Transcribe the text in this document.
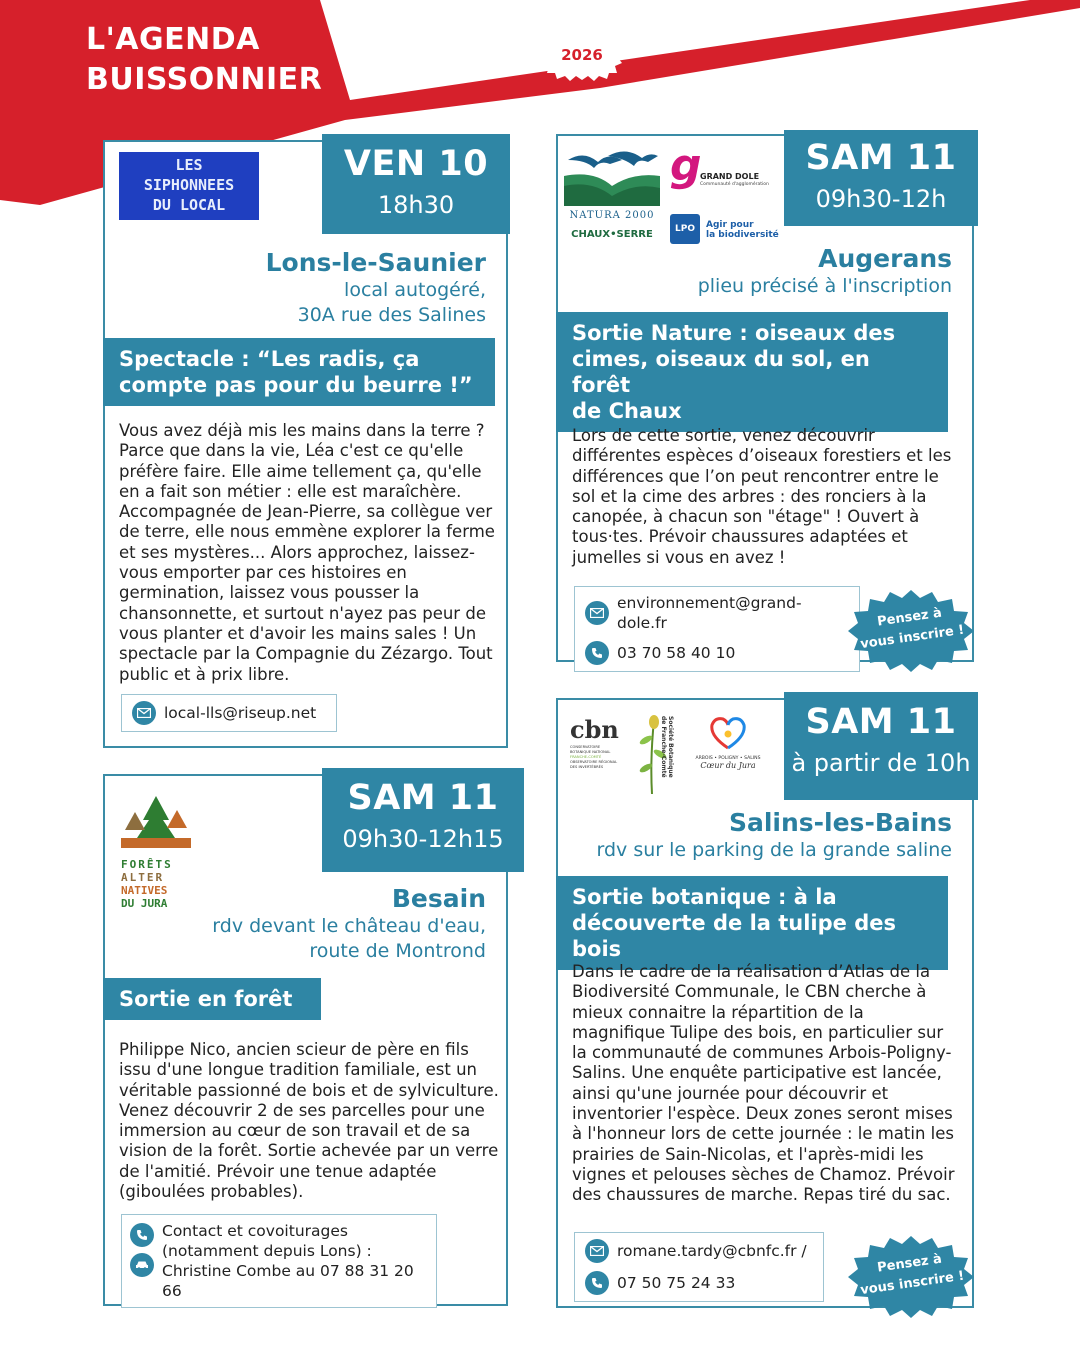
L'AGENDA
BUISSONNIER
AVRIL	2026
LES
SIPHONNEES
DU LOCAL
VEN 10
18h30
Lons-le-Saunier
local autogéré,
30A rue des Salines
Spectacle : “Les radis, ça
compte pas pour du beurre !”
Vous avez déjà mis les mains dans la terre ? Parce que dans la vie, Léa c'est ce qu'elle préfère faire. Elle aime tellement ça, qu'elle en a fait son métier : elle est maraîchère. Accompagnée de Jean-Pierre, sa collègue ver de terre, elle nous emmène explorer la ferme et ses mystères... Alors approchez, laissez-vous emporter par ces histoires en germination, laissez vous pousser la chansonnette, et surtout n'ayez pas peur de vous planter et d'avoir les mains sales ! Un spectacle par la Compagnie du Zézargo. Tout public et à prix libre.
local-lls@riseup.net
NATURA 2000
CHAUX•SERRE
g
GRAND DOLE
Communauté d'agglomération
LPO	Agir pour
la biodiversité
SAM 11
09h30-12h
Augerans
plieu précisé à l'inscription
Sortie Nature : oiseaux des
cimes, oiseaux du sol, en forêt
de Chaux
Lors de cette sortie, venez découvrir différentes espèces d’oiseaux forestiers et les différences que l’on peut rencontrer entre le sol et la cime des arbres : des ronciers à la canopée, à chacun son "étage" ! Ouvert à tous·tes. Prévoir chaussures adaptées et jumelles si vous en avez !
environnement@grand-dole.fr
03 70 58 40 10
Pensez à
vous inscrire !
FORÊTS
ALTER
NATIVES
DU JURA
SAM 11
09h30-12h15
Besain
rdv devant le château d'eau,
route de Montrond
Sortie en forêt
Philippe Nico, ancien scieur de père en fils issu d'une longue tradition familiale, est un véritable passionné de bois et de sylviculture. Venez découvrir 2 de ses parcelles pour une immersion au cœur de son travail et de sa vision de la forêt. Sortie achevée par un verre de l'amitié. Prévoir une tenue adaptée (giboulées probables).
Contact et covoiturages
(notamment depuis Lons) :
Christine Combe au 07 88 31 20 66
cbn
CONSERVATOIRE
BOTANIQUE NATIONAL
FRANCHE-COMTÉ
OBSERVATOIRE RÉGIONAL
DES INVERTÉBRÉS	Société Botanique de Franche-Comté	ARBOIS • POLIGNY • SALINS
Cœur du Jura
SAM 11
à partir de 10h
Salins-les-Bains
rdv sur le parking de la grande saline
Sortie botanique : à la
découverte de la tulipe des bois
Dans le cadre de la réalisation d’Atlas de la Biodiversité Communale, le CBN cherche à mieux connaitre la répartition de la magnifique Tulipe des bois, en particulier sur la communauté de communes Arbois-Poligny-Salins. Une enquête participative est lancée, ainsi qu'une journée pour découvrir et inventorier l'espèce. Deux zones seront mises à l'honneur lors de cette journée : le matin les prairies de Sain-Nicolas, et l'après-midi les vignes et pelouses sèches de Chamoz. Prévoir des chaussures de marche. Repas tiré du sac.
romane.tardy@cbnfc.fr /
07 50 75 24 33
Pensez à
vous inscrire !
